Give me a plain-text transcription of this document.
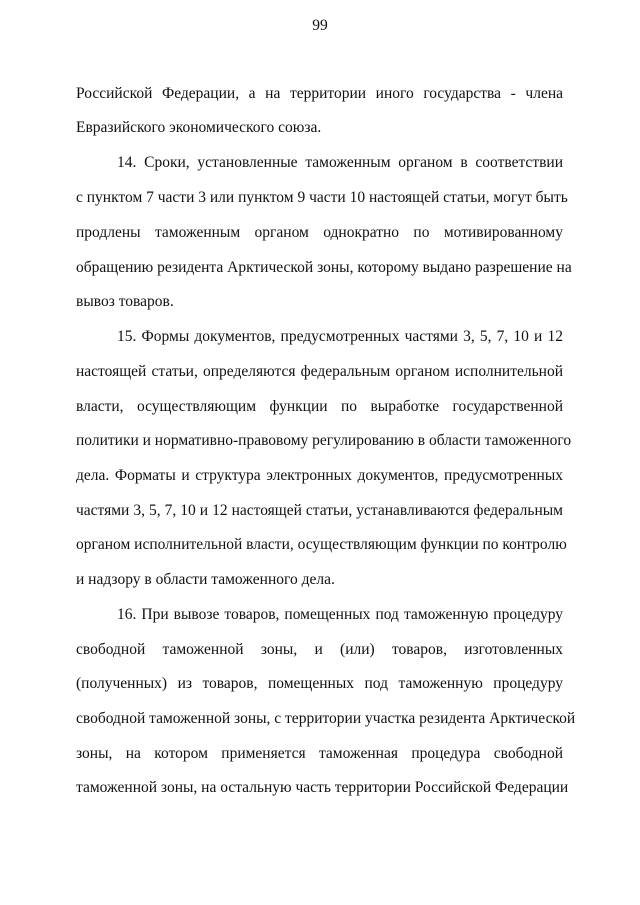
99
Российской Федерации, а на территории иного государства - члена
Евразийского экономического союза.
14. Сроки, установленные таможенным органом в соответствии
с пунктом 7 части 3 или пунктом 9 части 10 настоящей статьи, могут быть
продлены таможенным органом однократно по мотивированному
обращению резидента Арктической зоны, которому выдано разрешение на
вывоз товаров.
15. Формы документов, предусмотренных частями 3, 5, 7, 10 и 12
настоящей статьи, определяются федеральным органом исполнительной
власти, осуществляющим функции по выработке государственной
политики и нормативно-правовому регулированию в области таможенного
дела. Форматы и структура электронных документов, предусмотренных
частями 3, 5, 7, 10 и 12 настоящей статьи, устанавливаются федеральным
органом исполнительной власти, осуществляющим функции по контролю
и надзору в области таможенного дела.
16. При вывозе товаров, помещенных под таможенную процедуру
свободной таможенной зоны, и (или) товаров, изготовленных
(полученных) из товаров, помещенных под таможенную процедуру
свободной таможенной зоны, с территории участка резидента Арктической
зоны, на котором применяется таможенная процедура свободной
таможенной зоны, на остальную часть территории Российской Федерации
